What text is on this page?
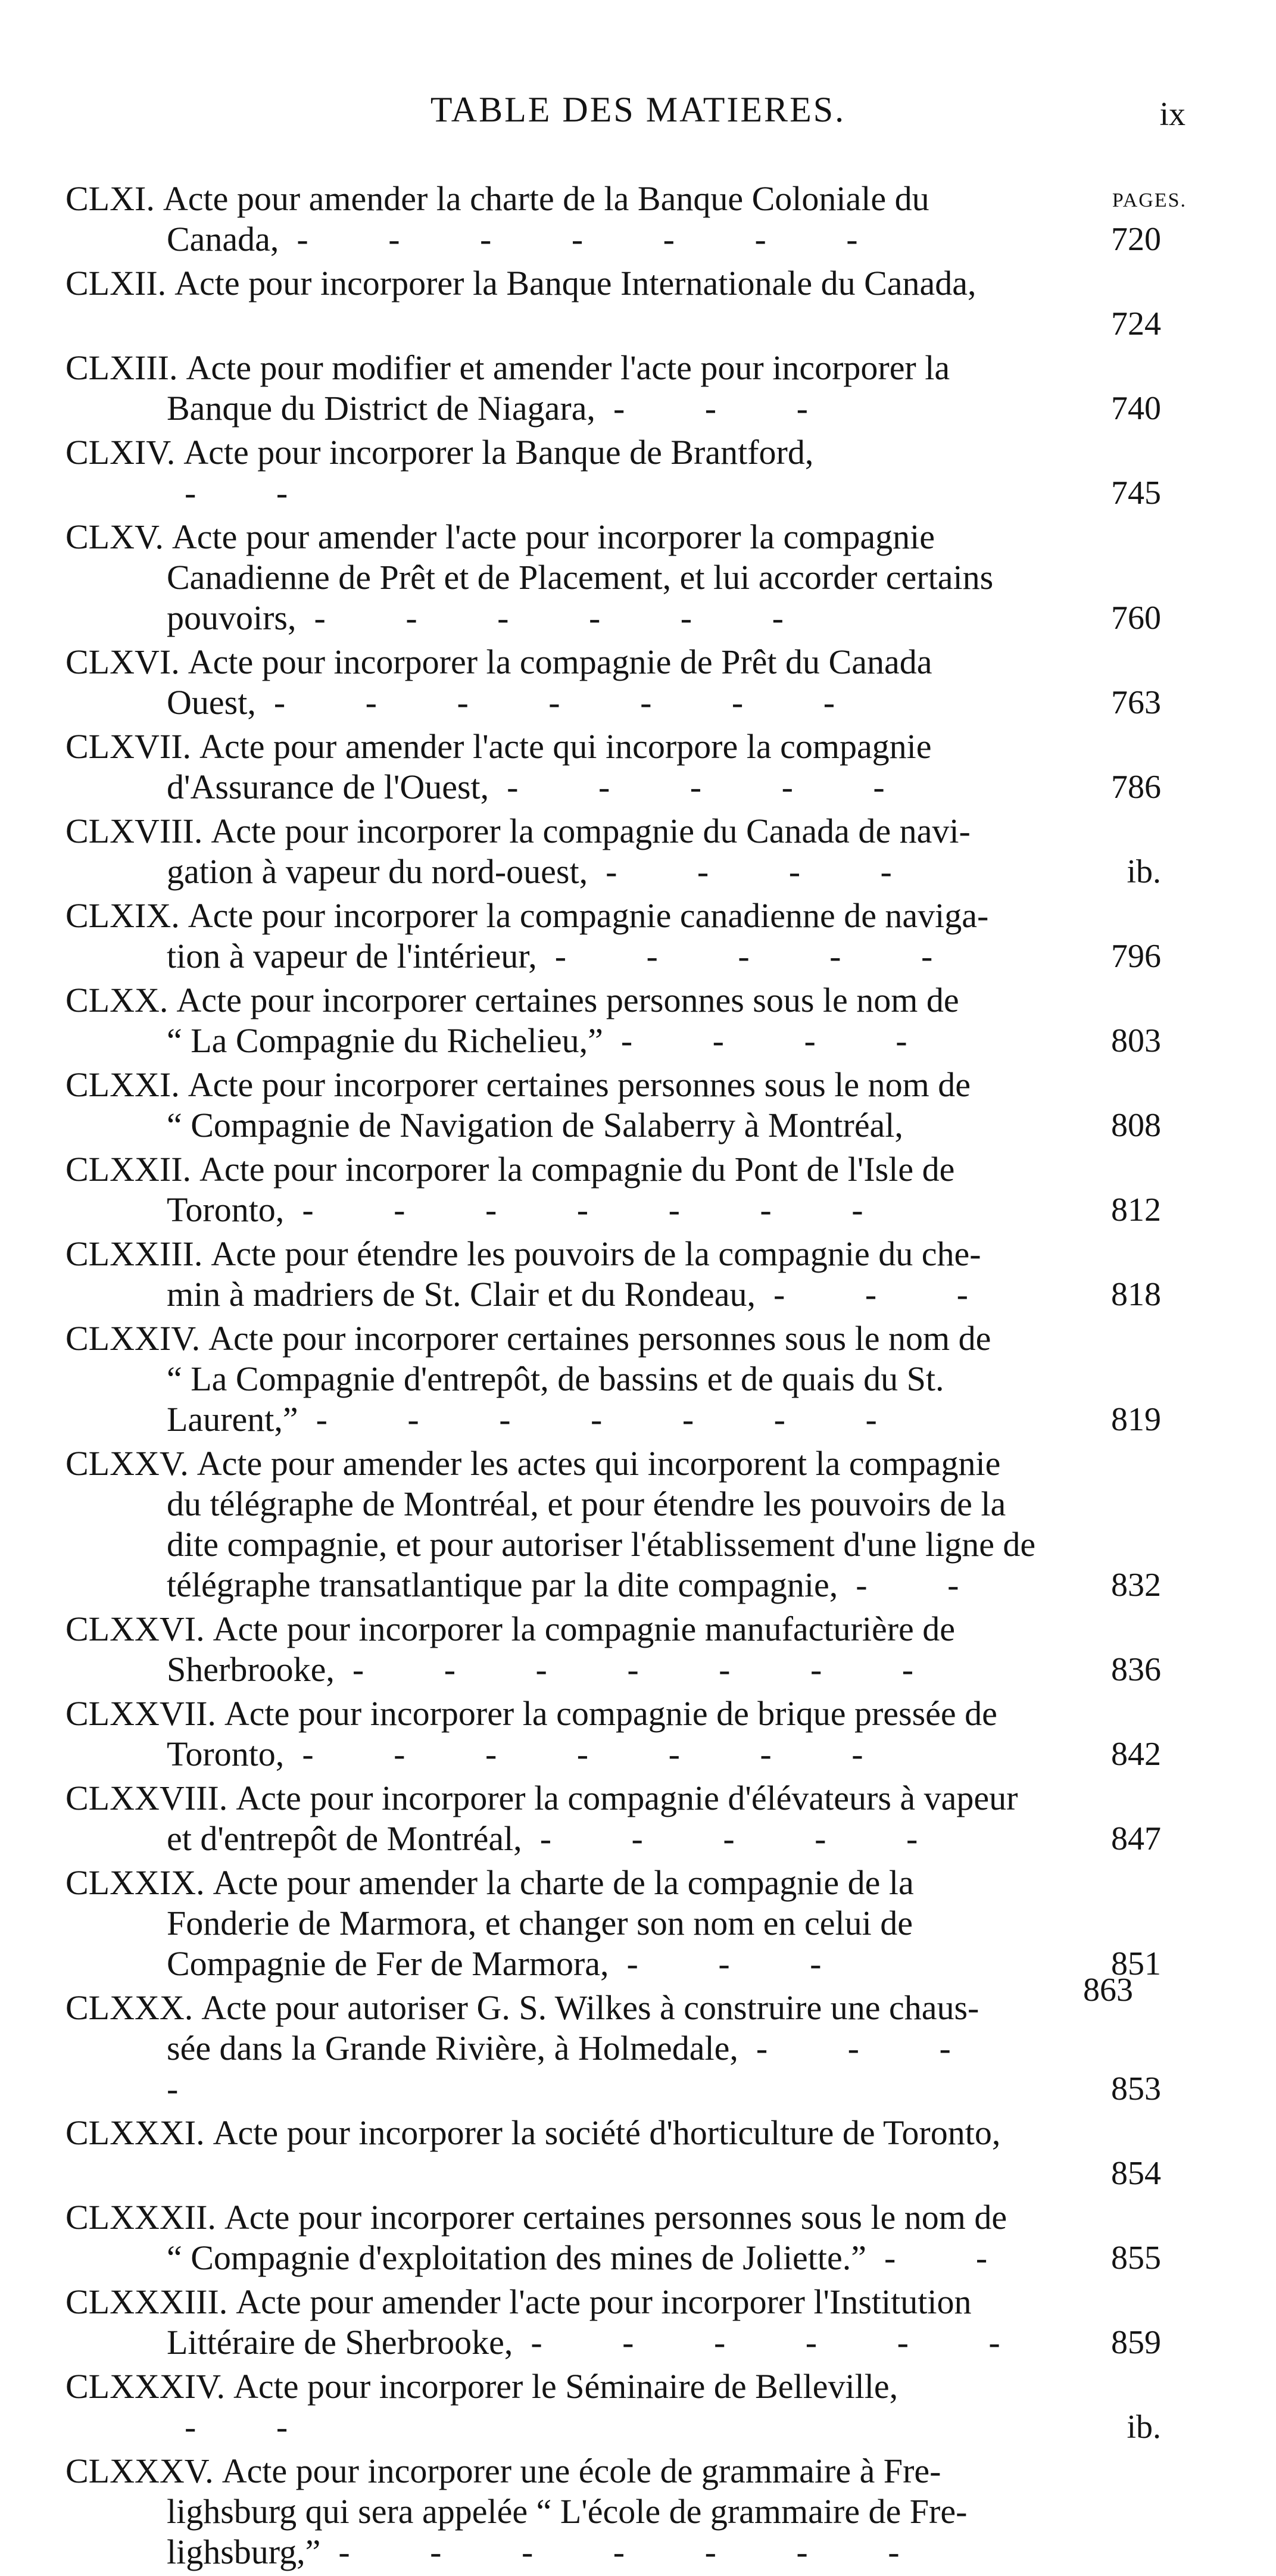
TABLE DES MATIERES.	ix
PAGES.
CLXI. Acte pour amender la charte de la Banque Coloniale du
Canada, - - - - - - -	720
CLXII. Acte pour incorporer la Banque Internationale du Canada,
724
CLXIII. Acte pour modifier et amender l'acte pour incorporer la
Banque du District de Niagara, - - -	740
CLXIV. Acte pour incorporer la Banque de Brantford,
- -	745
CLXV. Acte pour amender l'acte pour incorporer la compagnie
Canadienne de Prêt et de Placement, et lui accorder certains pouvoirs, - - - - - -	760
CLXVI. Acte pour incorporer la compagnie de Prêt du Canada
Ouest, - - - - - - -	763
CLXVII. Acte pour amender l'acte qui incorpore la compagnie
d'Assurance de l'Ouest, - - - - -	786
CLXVIII. Acte pour incorporer la compagnie du Canada de navi-
gation à vapeur du nord-ouest, - - - -	ib.
CLXIX. Acte pour incorporer la compagnie canadienne de naviga-
tion à vapeur de l'intérieur, - - - - -	796
CLXX. Acte pour incorporer certaines personnes sous le nom de
“ La Compagnie du Richelieu,” - - - -	803
CLXXI. Acte pour incorporer certaines personnes sous le nom de
“ Compagnie de Navigation de Salaberry à Montréal,	808
CLXXII. Acte pour incorporer la compagnie du Pont de l'Isle de
Toronto, - - - - - - -	812
CLXXIII. Acte pour étendre les pouvoirs de la compagnie du che-
min à madriers de St. Clair et du Rondeau, - - -	818
CLXXIV. Acte pour incorporer certaines personnes sous le nom de
“ La Compagnie d'entrepôt, de bassins et de quais du St. Laurent,” - - - - - - -	819
CLXXV. Acte pour amender les actes qui incorporent la compagnie
du télégraphe de Montréal, et pour étendre les pouvoirs de la dite compagnie, et pour autoriser l'établissement d'une ligne de télégraphe transatlantique par la dite compagnie, - -	832
CLXXVI. Acte pour incorporer la compagnie manufacturière de
Sherbrooke, - - - - - - -	836
CLXXVII. Acte pour incorporer la compagnie de brique pressée de
Toronto, - - - - - - -	842
CLXXVIII. Acte pour incorporer la compagnie d'élévateurs à vapeur
et d'entrepôt de Montréal, - - - - -	847
CLXXIX. Acte pour amender la charte de la compagnie de la
Fonderie de Marmora, et changer son nom en celui de Compagnie de Fer de Marmora, - - -	851
CLXXX. Acte pour autoriser G. S. Wilkes à construire une chaus-
sée dans la Grande Rivière, à Holmedale, - - - -	853
CLXXXI. Acte pour incorporer la société d'horticulture de Toronto,
854
CLXXXII. Acte pour incorporer certaines personnes sous le nom de
“ Compagnie d'exploitation des mines de Joliette.” - -	855
CLXXXIII. Acte pour amender l'acte pour incorporer l'Institution
Littéraire de Sherbrooke, - - - - - -	859
CLXXXIV. Acte pour incorporer le Séminaire de Belleville,
- -	ib.
CLXXXV. Acte pour incorporer une école de grammaire à Fre-
lighsburg qui sera appelée “ L'école de grammaire de Fre- lighsburg,” - - - - - - -
863
